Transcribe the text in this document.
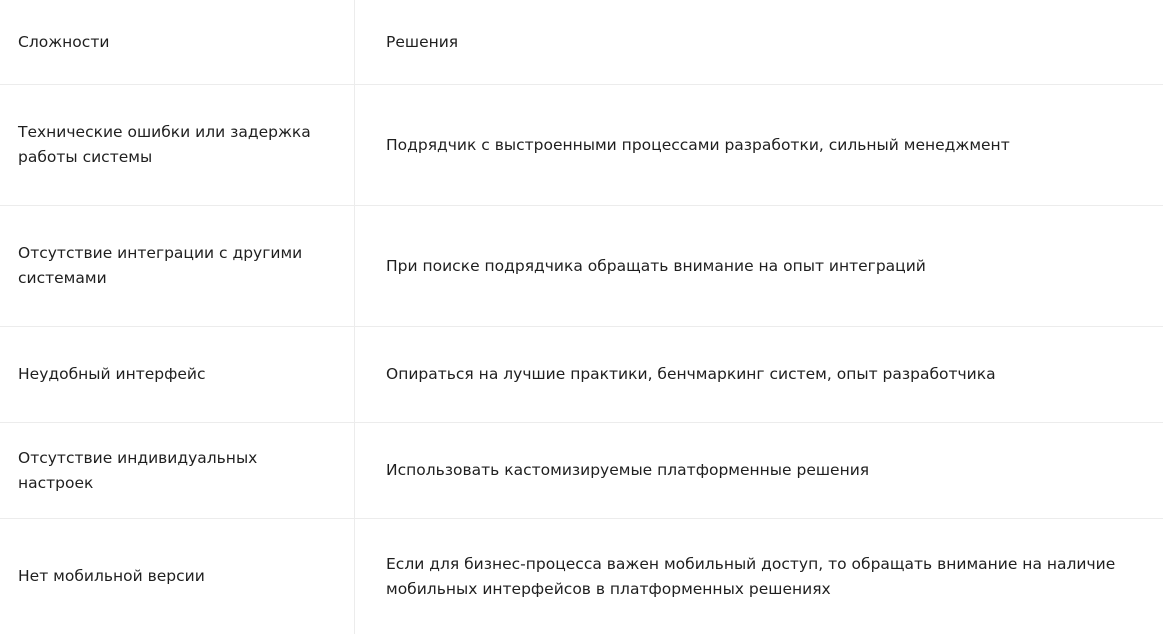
Сложности	Решения
Технические ошибки или задержка работы системы
Подрядчик с выстроенными процессами разработки, сильный менеджмент
Отсутствие интеграции с другими системами
При поиске подрядчика обращать внимание на опыт интеграций
Неудобный интерфейс	Опираться на лучшие практики, бенчмаркинг систем, опыт разработчика
Отсутствие индивидуальных настроек
Использовать кастомизируемые платформенные решения
Нет мобильной версии
Если для бизнес-процесса важен мобильный доступ, то обращать внимание на наличие мобильных интерфейсов в платформенных решениях
